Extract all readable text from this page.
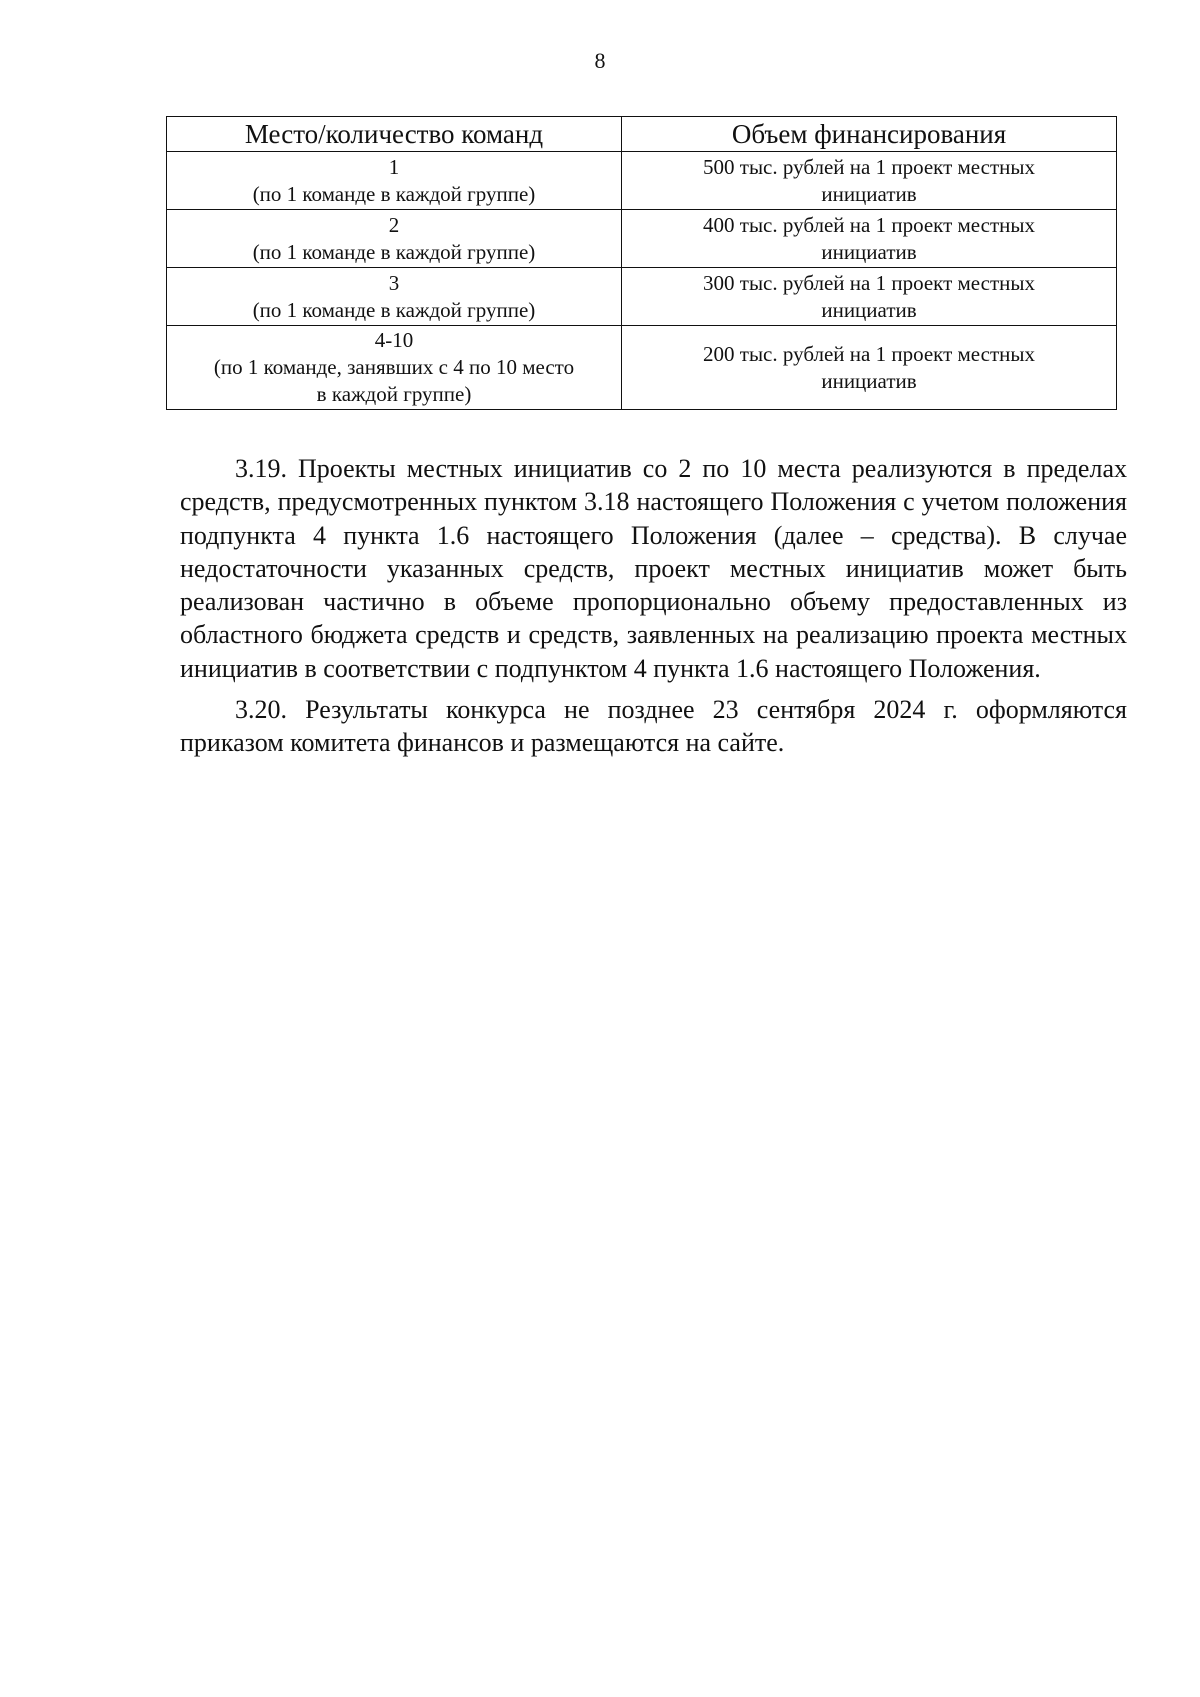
8
Место/количество команд	Объем финансирования

1
(по 1 команде в каждой группе)	500 тыс. рублей на 1 проект местных
инициатив

2
(по 1 команде в каждой группе)	400 тыс. рублей на 1 проект местных
инициатив

3
(по 1 команде в каждой группе)	300 тыс. рублей на 1 проект местных
инициатив

4-10
(по 1 команде, занявших с 4 по 10 место
в каждой группе)	200 тыс. рублей на 1 проект местных
инициатив

3.19. Проекты местных инициатив со 2 по 10 места реализуются в пределах средств, предусмотренных пунктом 3.18 настоящего Положения с учетом положения подпункта 4 пункта 1.6 настоящего Положения (далее – средства). В случае недостаточности указанных средств, проект местных инициатив может быть реализован частично в объеме пропорционально объему предоставленных из областного бюджета средств и средств, заявленных на реализацию проекта местных инициатив в соответствии с подпунктом 4 пункта 1.6 настоящего Положения.

3.20. Результаты конкурса не позднее 23 сентября 2024 г. оформляются приказом комитета финансов и размещаются на сайте.
